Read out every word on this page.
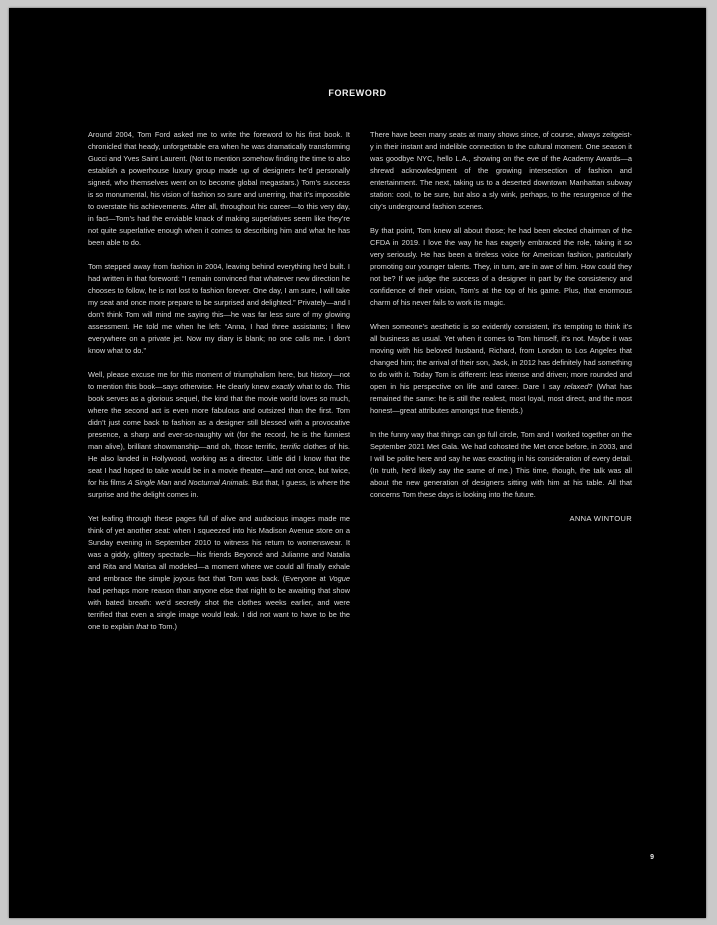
FOREWORD

Around 2004, Tom Ford asked me to write the foreword to his first book. It chronicled that heady, unforgettable era when he was dramatically transforming Gucci and Yves Saint Laurent. (Not to mention somehow finding the time to also establish a powerhouse luxury group made up of designers he’d personally signed, who themselves went on to become global megastars.) Tom’s success is so monumental, his vision of fashion so sure and unerring, that it’s impossible to overstate his achievements. After all, throughout his career—to this very day, in fact—Tom’s had the enviable knack of making superlatives seem like they’re not quite superlative enough when it comes to describing him and what he has been able to do.

Tom stepped away from fashion in 2004, leaving behind everything he’d built. I had written in that foreword: “I remain convinced that whatever new direction he chooses to follow, he is not lost to fashion forever. One day, I am sure, I will take my seat and once more prepare to be surprised and delighted.” Privately—and I don’t think Tom will mind me saying this—he was far less sure of my glowing assessment. He told me when he left: “Anna, I had three assistants; I flew everywhere on a private jet. Now my diary is blank; no one calls me. I don’t know what to do.”

Well, please excuse me for this moment of triumphalism here, but history—not to mention this book—says otherwise. He clearly knew exactly what to do. This book serves as a glorious sequel, the kind that the movie world loves so much, where the second act is even more fabulous and outsized than the first. Tom didn’t just come back to fashion as a designer still blessed with a provocative presence, a sharp and ever-so-naughty wit (for the record, he is the funniest man alive), brilliant showmanship—and oh, those terrific, terrific clothes of his. He also landed in Hollywood, working as a director. Little did I know that the seat I had hoped to take would be in a movie theater—and not once, but twice, for his films A Single Man and Nocturnal Animals. But that, I guess, is where the surprise and the delight comes in.

Yet leafing through these pages full of alive and audacious images made me think of yet another seat: when I squeezed into his Madison Avenue store on a Sunday evening in September 2010 to witness his return to womenswear. It was a giddy, glittery spectacle—his friends Beyoncé and Julianne and Natalia and Rita and Marisa all modeled—a moment where we could all finally exhale and embrace the simple joyous fact that Tom was back. (Everyone at Vogue had perhaps more reason than anyone else that night to be awaiting that show with bated breath: we’d secretly shot the clothes weeks earlier, and were terrified that even a single image would leak. I did not want to have to be the one to explain that to Tom.)

There have been many seats at many shows since, of course, always zeitgeist-y in their instant and indelible connection to the cultural moment. One season it was goodbye NYC, hello L.A., showing on the eve of the Academy Awards—a shrewd acknowledgment of the growing intersection of fashion and entertainment. The next, taking us to a deserted downtown Manhattan subway station: cool, to be sure, but also a sly wink, perhaps, to the resurgence of the city’s underground fashion scenes.

By that point, Tom knew all about those; he had been elected chairman of the CFDA in 2019. I love the way he has eagerly embraced the role, taking it so very seriously. He has been a tireless voice for American fashion, particularly promoting our younger talents. They, in turn, are in awe of him. How could they not be? If we judge the success of a designer in part by the consistency and confidence of their vision, Tom’s at the top of his game. Plus, that enormous charm of his never fails to work its magic.

When someone’s aesthetic is so evidently consistent, it’s tempting to think it’s all business as usual. Yet when it comes to Tom himself, it’s not. Maybe it was moving with his beloved husband, Richard, from London to Los Angeles that changed him; the arrival of their son, Jack, in 2012 has definitely had something to do with it. Today Tom is different: less intense and driven; more rounded and open in his perspective on life and career. Dare I say relaxed? (What has remained the same: he is still the realest, most loyal, most direct, and the most honest—great attributes amongst true friends.)

In the funny way that things can go full circle, Tom and I worked together on the September 2021 Met Gala. We had cohosted the Met once before, in 2003, and I will be polite here and say he was exacting in his consideration of every detail. (In truth, he’d likely say the same of me.) This time, though, the talk was all about the new generation of designers sitting with him at his table. All that concerns Tom these days is looking into the future.

ANNA WINTOUR
9
